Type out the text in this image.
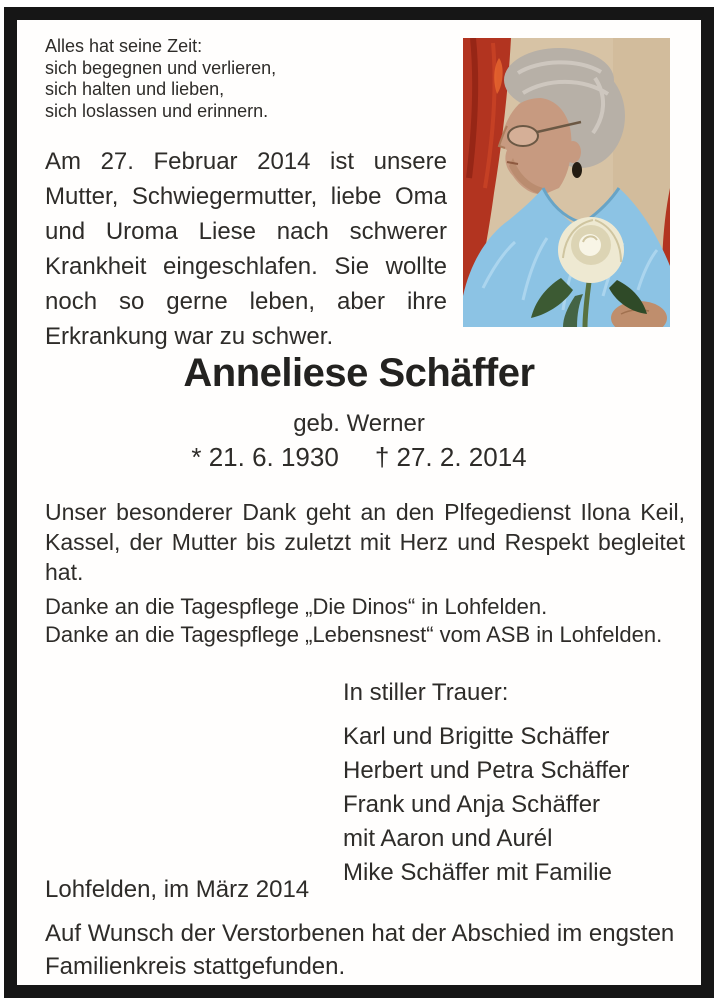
Alles hat seine Zeit:
sich begegnen und verlieren,
sich halten und lieben,
sich loslassen und erinnern.
Am 27. Februar 2014 ist unsere Mutter, Schwiegermutter, liebe Oma und Uroma Liese nach schwerer Krankheit eingeschlafen. Sie wollte noch so gerne leben, aber ihre Erkrankung war zu schwer.
Anneliese Schäffer
geb. Werner
* 21. 6. 1930 † 27. 2. 2014
Unser besonderer Dank geht an den Plfegedienst Ilona Keil, Kassel, der Mutter bis zuletzt mit Herz und Respekt begleitet hat.
Danke an die Tagespflege „Die Dinos“ in Lohfelden.
Danke an die Tagespflege „Lebensnest“ vom ASB in Lohfelden.
In stiller Trauer:
Karl und Brigitte Schäffer
Herbert und Petra Schäffer
Frank und Anja Schäffer
mit Aaron und Aurél
Mike Schäffer mit Familie
Lohfelden, im März 2014
Auf Wunsch der Verstorbenen hat der Abschied im engsten Familienkreis stattgefunden.
